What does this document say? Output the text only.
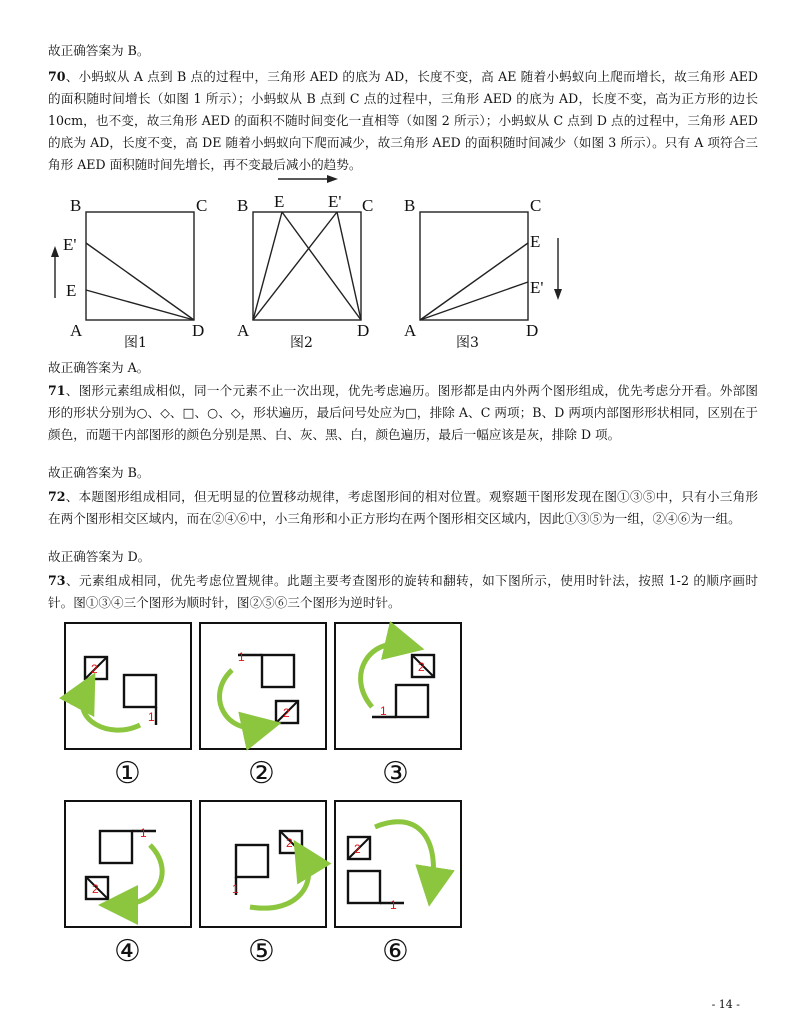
故正确答案为 B。

70、小蚂蚁从 A 点到 B 点的过程中，三角形 AED 的底为 AD，长度不变，高 AE 随着小蚂蚁向上爬而增长，故三角形 AED 的面积随时间增长（如图 1 所示）；小蚂蚁从 B 点到 C 点的过程中，三角形 AED 的底为 AD，长度不变，高为正方形的边长 10cm，也不变，故三角形 AED 的面积不随时间变化一直相等（如图 2 所示）；小蚂蚁从 C 点到 D 点的过程中，三角形 AED 的底为 AD，长度不变，高 DE 随着小蚂蚁向下爬而减少，故三角形 AED 的面积随时间减少（如图 3 所示）。只有 A 项符合三角形 AED 面积随时间先增长，再不变最后减小的趋势。

B	C
E'
E
A	D
B E	E' C
A	D
B	C
E
E'
A	D
图1	图2	图3

故正确答案为 A。

71、图形元素组成相似，同一个元素不止一次出现，优先考虑遍历。图形都是由内外两个图形组成，优先考虑分开看。外部图形的形状分别为○、◇、□、○、◇，形状遍历，最后问号处应为□，排除 A、C 两项；B、D 两项内部图形形状相同，区别在于颜色，而题干内部图形的颜色分别是黑、白、灰、黑、白，颜色遍历，最后一幅应该是灰，排除 D 项。

故正确答案为 B。

72、本题图形组成相同，但无明显的位置移动规律，考虑图形间的相对位置。观察题干图形发现在图①③⑤中，只有小三角形在两个图形相交区域内，而在②④⑥中，小三角形和小正方形均在两个图形相交区域内，因此①③⑤为一组，②④⑥为一组。

故正确答案为 D。

73、元素组成相同，优先考虑位置规律。此题主要考查图形的旋转和翻转，如下图所示，使用时针法，按照 1-2 的顺序画时针。图①③④三个图形为顺时针，图②⑤⑥三个图形为逆时针。

2
1
1
2
2
1
①	②	③
1
2	1
2	2
1
④	⑤	⑥
- 14 -
